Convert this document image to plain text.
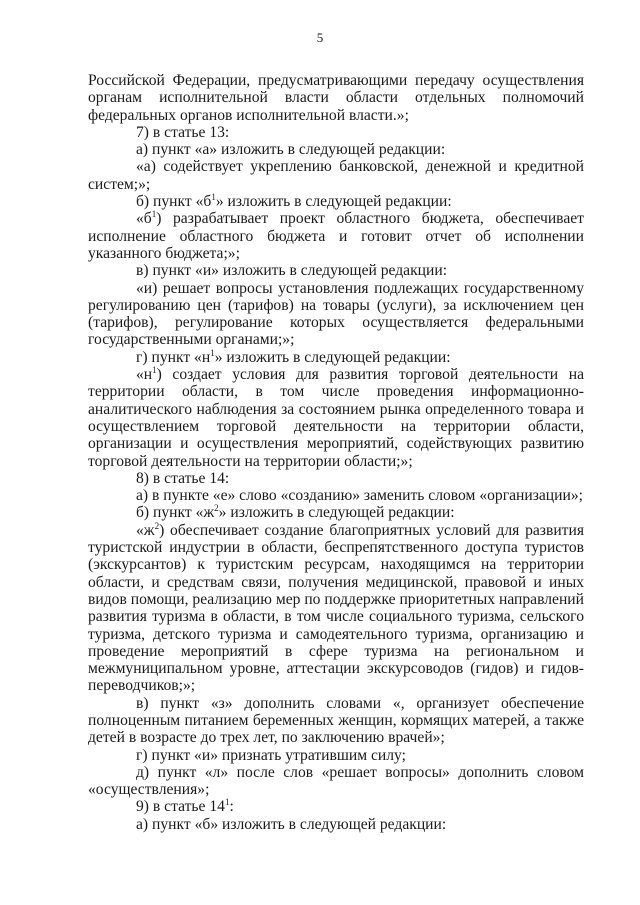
5

Российской Федерации, предусматривающими передачу осуществления органам исполнительной власти области отдельных полномочий федеральных органов исполнительной власти.»;

7) в статье 13:

а) пункт «а» изложить в следующей редакции:

«а) содействует укреплению банковской, денежной и кредитной систем;»;

б) пункт «$б^1$» изложить в следующей редакции:

«$б^1$) разрабатывает проект областного бюджета, обеспечивает исполнение областного бюджета и готовит отчет об исполнении указанного бюджета;»;

в) пункт «и» изложить в следующей редакции:

«и) решает вопросы установления подлежащих государственному регулированию цен (тарифов) на товары (услуги), за исключением цен (тарифов), регулирование которых осуществляется федеральными государственными органами;»;

г) пункт «$н^1$» изложить в следующей редакции:

«$н^1$) создает условия для развития торговой деятельности на территории области, в том числе проведения информационно-аналитического наблюдения за состоянием рынка определенного товара и осуществлением торговой деятельности на территории области, организации и осуществления мероприятий, содействующих развитию торговой деятельности на территории области;»;

8) в статье 14:

а) в пункте «е» слово «созданию» заменить словом «организации»;

б) пункт «$ж^2$» изложить в следующей редакции:

«$ж^2$) обеспечивает создание благоприятных условий для развития туристской индустрии в области, беспрепятственного доступа туристов (экскурсантов) к туристским ресурсам, находящимся на территории области, и средствам связи, получения медицинской, правовой и иных видов помощи, реализацию мер по поддержке приоритетных направлений развития туризма в области, в том числе социального туризма, сельского туризма, детского туризма и самодеятельного туризма, организацию и проведение мероприятий в сфере туризма на региональном и межмуниципальном уровне, аттестации экскурсоводов (гидов) и гидов-переводчиков;»;

в) пункт «з» дополнить словами «, организует обеспечение полноценным питанием беременных женщин, кормящих матерей, а также детей в возрасте до трех лет, по заключению врачей»;

г) пункт «и» признать утратившим силу;

д) пункт «л» после слов «решает вопросы» дополнить словом «осуществления»;

9) в статье $14^1$:

а) пункт «б» изложить в следующей редакции:
